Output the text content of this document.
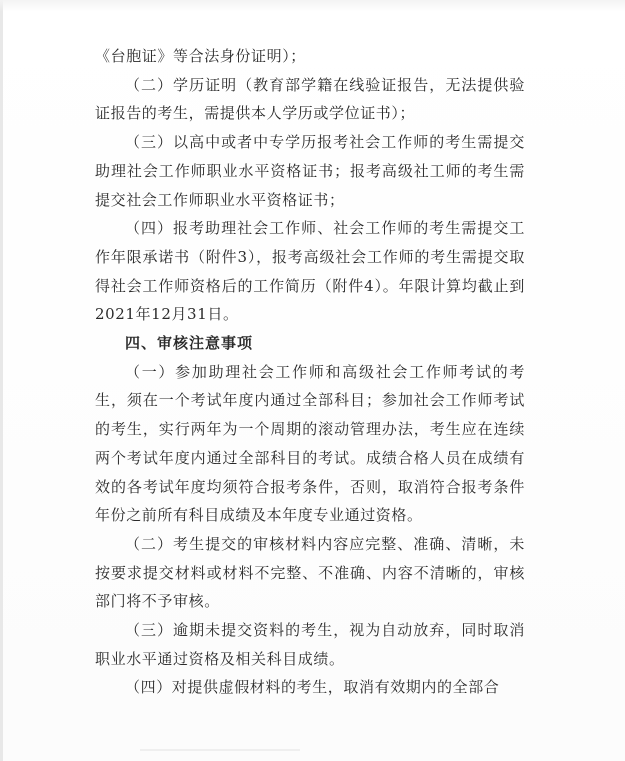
《台胞证》等合法身份证明）；

（二）学历证明（教育部学籍在线验证报告，无法提供验证报告的考生，需提供本人学历或学位证书）；

（三）以高中或者中专学历报考社会工作师的考生需提交助理社会工作师职业水平资格证书；报考高级社工师的考生需提交社会工作师职业水平资格证书；

（四）报考助理社会工作师、社会工作师的考生需提交工作年限承诺书（附件3），报考高级社会工作师的考生需提交取得社会工作师资格后的工作简历（附件4）。年限计算均截止到2021年12月31日。

四、审核注意事项

（一）参加助理社会工作师和高级社会工作师考试的考生，须在一个考试年度内通过全部科目；参加社会工作师考试的考生，实行两年为一个周期的滚动管理办法，考生应在连续两个考试年度内通过全部科目的考试。成绩合格人员在成绩有效的各考试年度均须符合报考条件，否则，取消符合报考条件年份之前所有科目成绩及本年度专业通过资格。

（二）考生提交的审核材料内容应完整、准确、清晰，未按要求提交材料或材料不完整、不准确、内容不清晰的，审核部门将不予审核。

（三）逾期未提交资料的考生，视为自动放弃，同时取消职业水平通过资格及相关科目成绩。

（四）对提供虚假材料的考生，取消有效期内的全部合
